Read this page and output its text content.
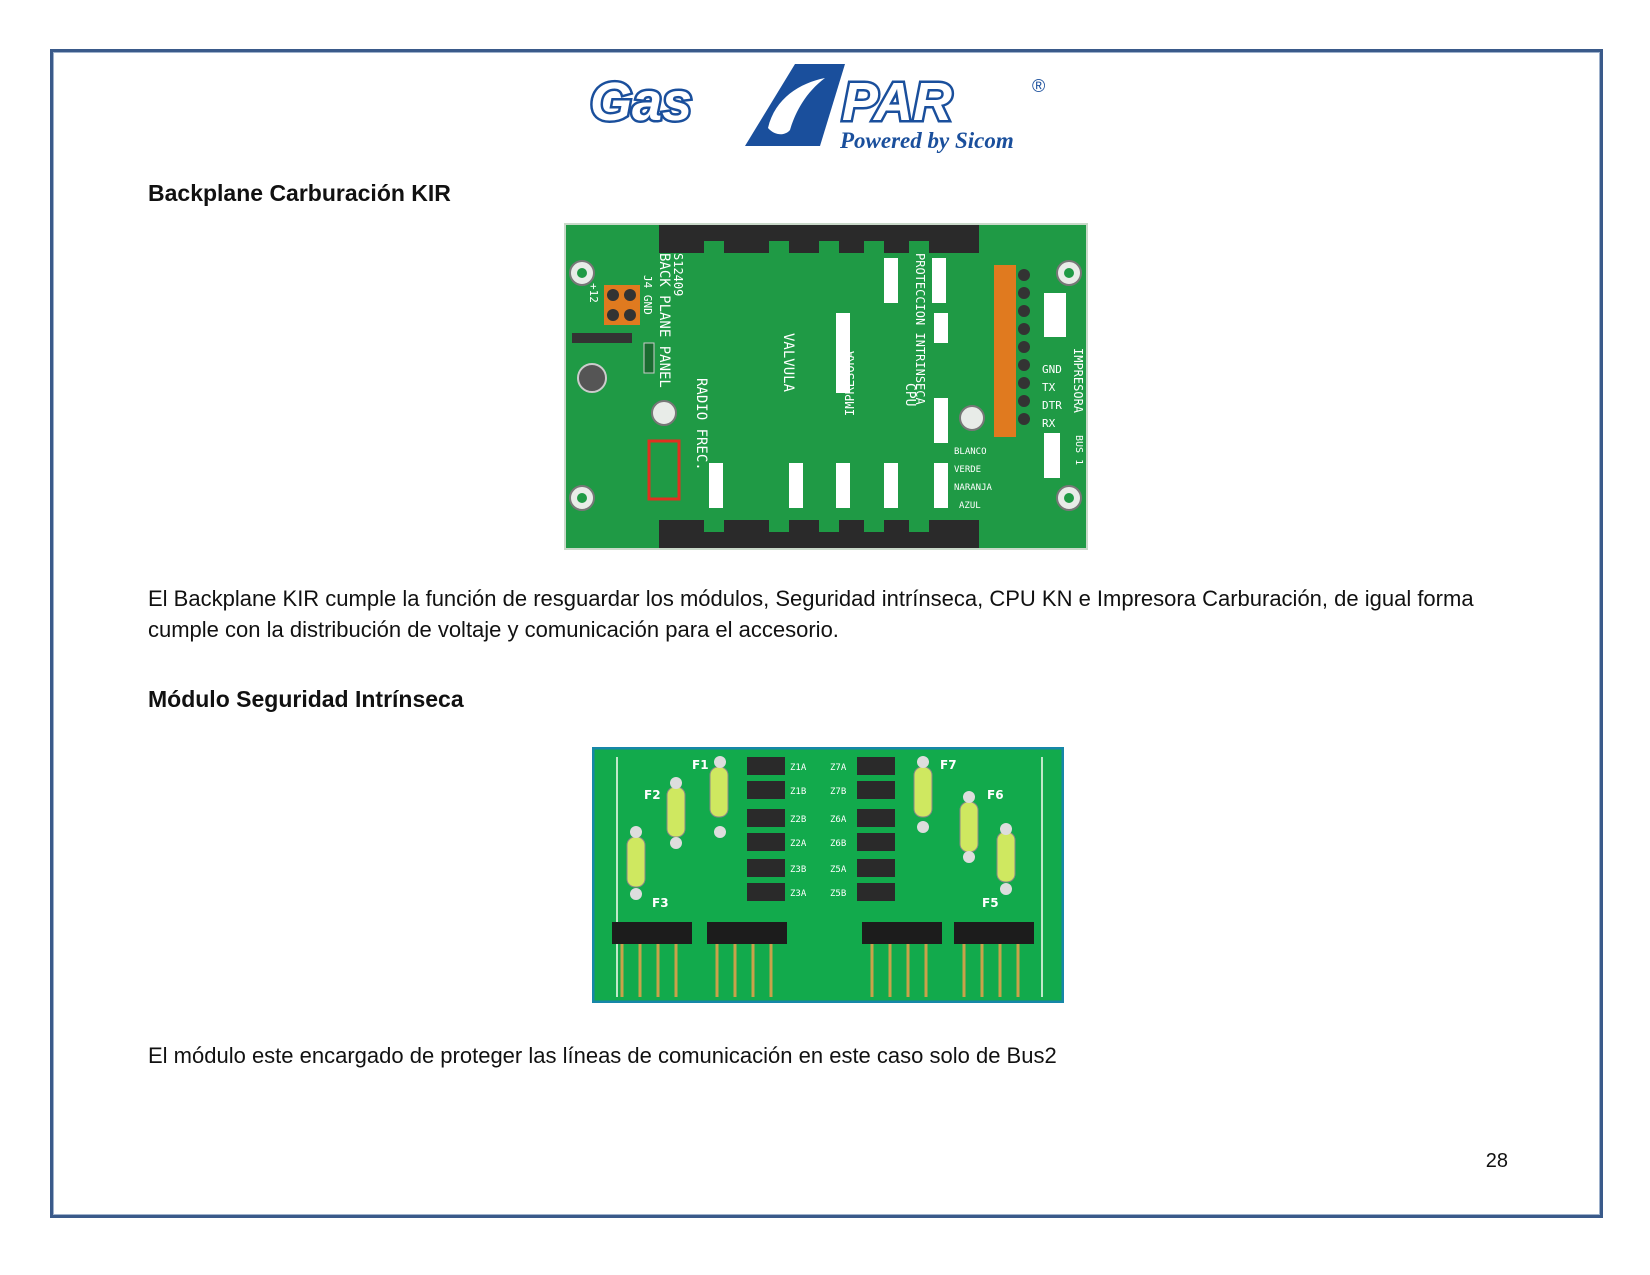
Gas	PAR	®
Powered by Sicom
Backplane Carburación KIR
S12409
BACK PLANE PANEL	VALVULA
RADIO FREC.	IMPRESORA	CPU
PROTECCION INTRINSECA	IMPRESORA
GND
TX
DTR
RX
BLANCO
VERDE
NARANJA
AZUL
+12	J4 GND
BUS 1

El Backplane KIR cumple la función de resguardar los módulos, Seguridad intrínseca, CPU KN e Impresora Carburación, de igual forma cumple con la distribución de voltaje y comunicación para el accesorio.

Módulo Seguridad Intrínseca
F1
F2
F3	F5
F6
F7
Z1A
Z1B
Z2B
Z2A
Z3B
Z3A
Z7A
Z7B
Z6A
Z6B
Z5A
Z5B

El módulo este encargado de proteger las líneas de comunicación en este caso solo de Bus2

28
